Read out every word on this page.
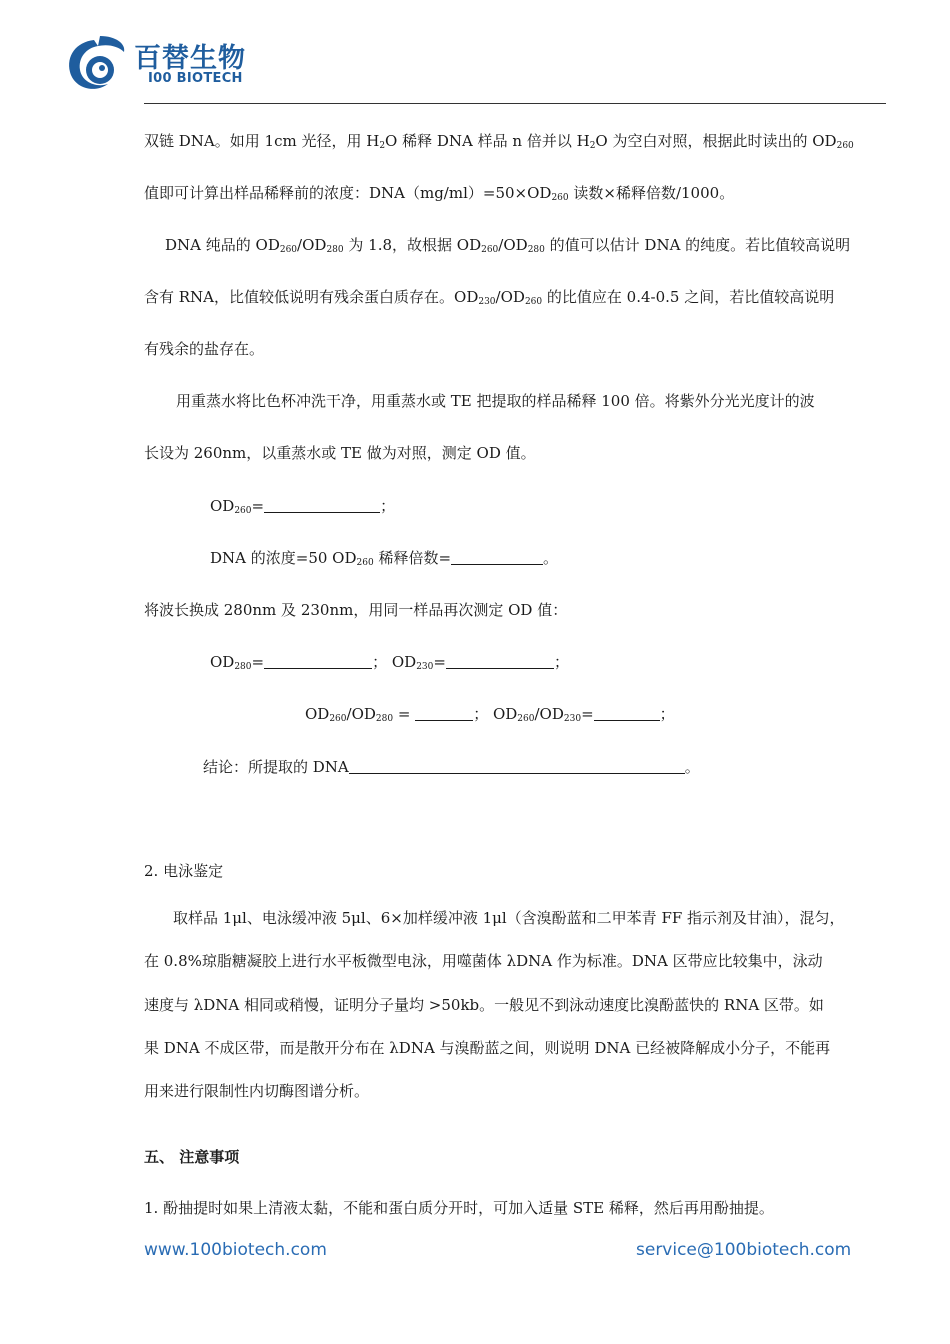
百替生物
I00 BIOTECH
双链 DNA。如用 1cm 光径，用 $H_2O$ 稀释 DNA 样品 n 倍并以 $H_2O$ 为空白对照，根据此时读出的 $OD_{260}$
值即可计算出样品稀释前的浓度：$DNA(mg/ml)=50\times OD_{260}$ 读数×稀释倍数/1000。
DNA 纯品的 $OD_{260}/OD_{280}$ 为 1.8，故根据 $OD_{260}/OD_{280}$ 的值可以估计 DNA 的纯度。若比值较高说明
含有 RNA，比值较低说明有残余蛋白质存在。$OD_{230}/OD_{260}$ 的比值应在 0.4-0.5 之间，若比值较高说明
有残余的盐存在。
用重蒸水将比色杯冲洗干净，用重蒸水或 TE 把提取的样品稀释 100 倍。将紫外分光光度计的波
长设为 260nm，以重蒸水或 TE 做为对照，测定 OD 值。
$OD_{260}=$	；
DNA 的浓度=50 $OD_{260}$ 稀释倍数=	。
将波长换成 280nm 及 230nm，用同一样品再次测定 OD 值：
$OD_{280}=$	； $OD_{230}=$	；
$OD_{260}/OD_{280}$ =	； $OD_{260}/OD_{230}=$	；
结论：所提取的 DNA	。
2. 电泳鉴定
取样品 1μl、电泳缓冲液 5μl、6×加样缓冲液 1μl（含溴酚蓝和二甲苯青 FF 指示剂及甘油），混匀，
在 0.8%琼脂糖凝胶上进行水平板微型电泳，用噬菌体 λDNA 作为标准。DNA 区带应比较集中，泳动
速度与 λDNA 相同或稍慢，证明分子量均 >50kb。一般见不到泳动速度比溴酚蓝快的 RNA 区带。如
果 DNA 不成区带，而是散开分布在 λDNA 与溴酚蓝之间，则说明 DNA 已经被降解成小分子，不能再
用来进行限制性内切酶图谱分析。
五、 注意事项
1. 酚抽提时如果上清液太黏，不能和蛋白质分开时，可加入适量 STE 稀释，然后再用酚抽提。
www.100biotech.com	service@100biotech.com
